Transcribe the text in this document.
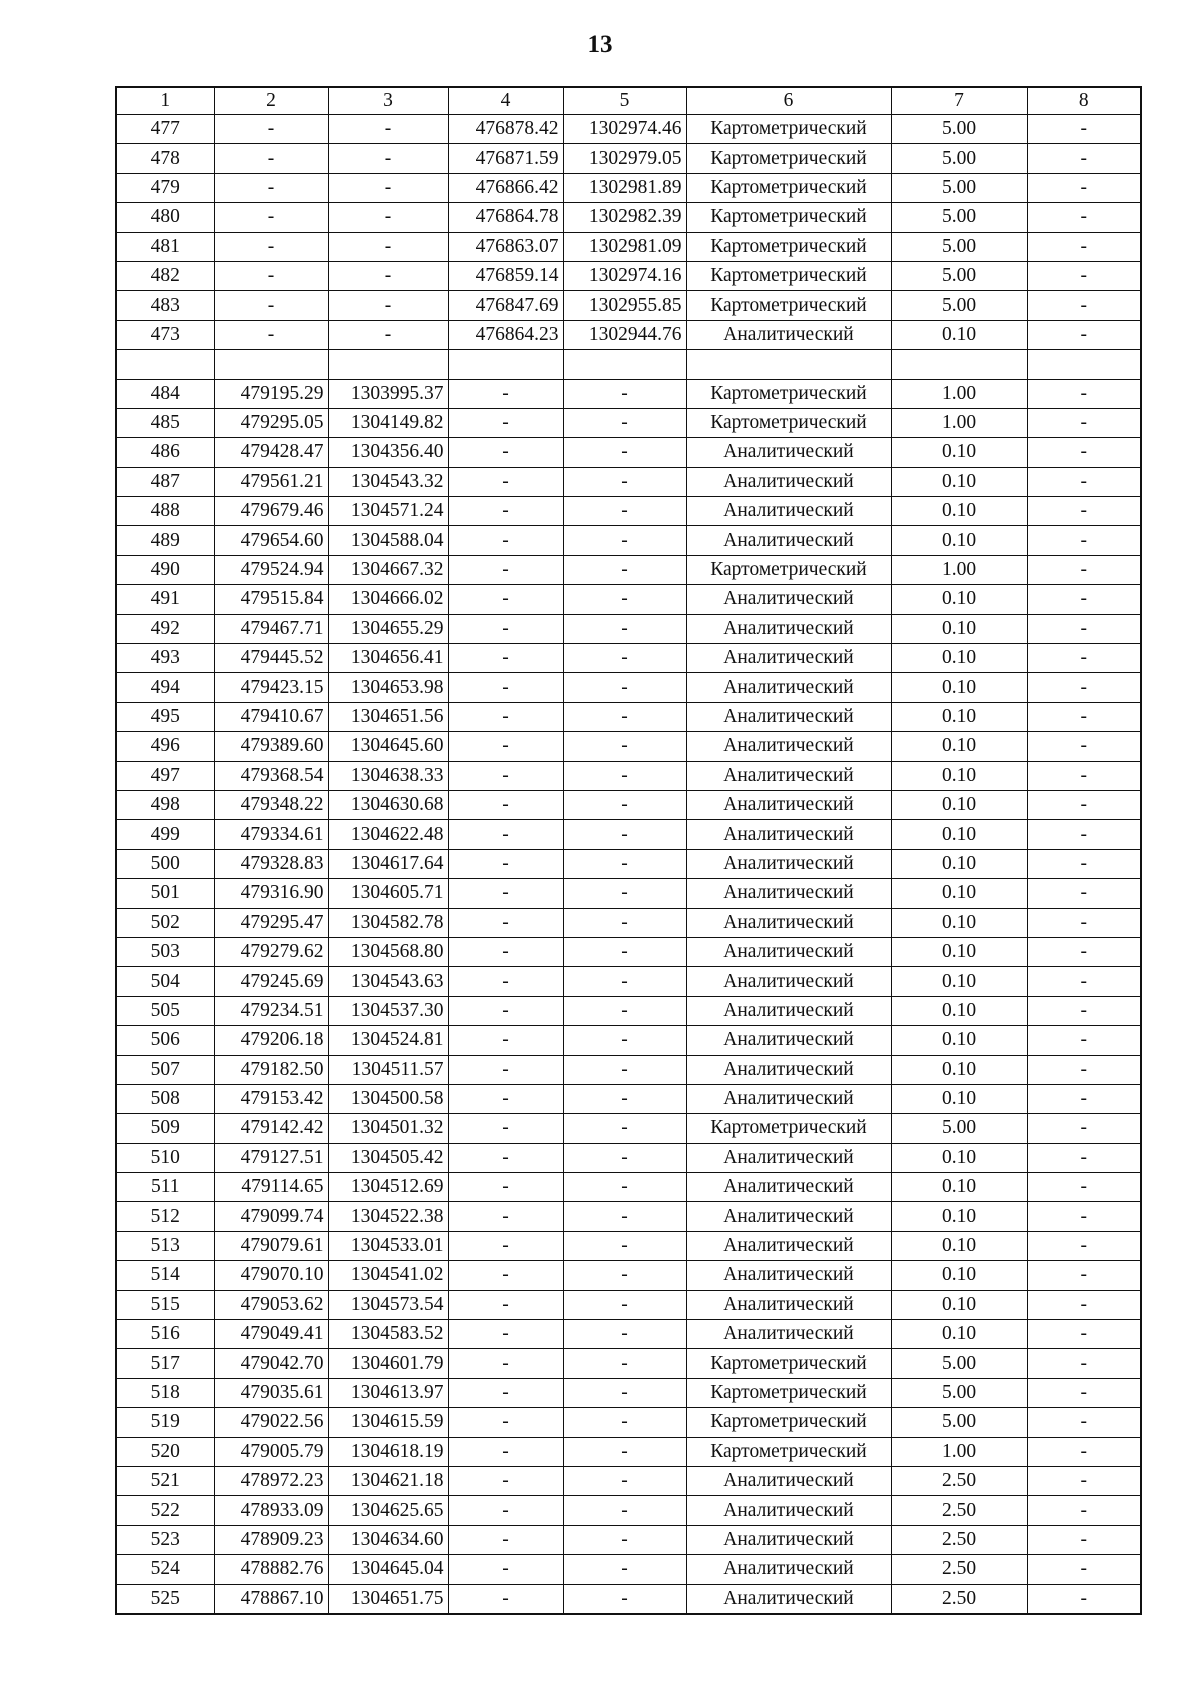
13
1	2	3	4	5	6	7	8
477	-	-	476878.42	1302974.46	Картометрический	5.00	-
478	-	-	476871.59	1302979.05	Картометрический	5.00	-
479	-	-	476866.42	1302981.89	Картометрический	5.00	-
480	-	-	476864.78	1302982.39	Картометрический	5.00	-
481	-	-	476863.07	1302981.09	Картометрический	5.00	-
482	-	-	476859.14	1302974.16	Картометрический	5.00	-
483	-	-	476847.69	1302955.85	Картометрический	5.00	-
473	-	-	476864.23	1302944.76	Аналитический	0.10	-

484	479195.29	1303995.37	-	-	Картометрический	1.00	-
485	479295.05	1304149.82	-	-	Картометрический	1.00	-
486	479428.47	1304356.40	-	-	Аналитический	0.10	-
487	479561.21	1304543.32	-	-	Аналитический	0.10	-
488	479679.46	1304571.24	-	-	Аналитический	0.10	-
489	479654.60	1304588.04	-	-	Аналитический	0.10	-
490	479524.94	1304667.32	-	-	Картометрический	1.00	-
491	479515.84	1304666.02	-	-	Аналитический	0.10	-
492	479467.71	1304655.29	-	-	Аналитический	0.10	-
493	479445.52	1304656.41	-	-	Аналитический	0.10	-
494	479423.15	1304653.98	-	-	Аналитический	0.10	-
495	479410.67	1304651.56	-	-	Аналитический	0.10	-
496	479389.60	1304645.60	-	-	Аналитический	0.10	-
497	479368.54	1304638.33	-	-	Аналитический	0.10	-
498	479348.22	1304630.68	-	-	Аналитический	0.10	-
499	479334.61	1304622.48	-	-	Аналитический	0.10	-
500	479328.83	1304617.64	-	-	Аналитический	0.10	-
501	479316.90	1304605.71	-	-	Аналитический	0.10	-
502	479295.47	1304582.78	-	-	Аналитический	0.10	-
503	479279.62	1304568.80	-	-	Аналитический	0.10	-
504	479245.69	1304543.63	-	-	Аналитический	0.10	-
505	479234.51	1304537.30	-	-	Аналитический	0.10	-
506	479206.18	1304524.81	-	-	Аналитический	0.10	-
507	479182.50	1304511.57	-	-	Аналитический	0.10	-
508	479153.42	1304500.58	-	-	Аналитический	0.10	-
509	479142.42	1304501.32	-	-	Картометрический	5.00	-
510	479127.51	1304505.42	-	-	Аналитический	0.10	-
511	479114.65	1304512.69	-	-	Аналитический	0.10	-
512	479099.74	1304522.38	-	-	Аналитический	0.10	-
513	479079.61	1304533.01	-	-	Аналитический	0.10	-
514	479070.10	1304541.02	-	-	Аналитический	0.10	-
515	479053.62	1304573.54	-	-	Аналитический	0.10	-
516	479049.41	1304583.52	-	-	Аналитический	0.10	-
517	479042.70	1304601.79	-	-	Картометрический	5.00	-
518	479035.61	1304613.97	-	-	Картометрический	5.00	-
519	479022.56	1304615.59	-	-	Картометрический	5.00	-
520	479005.79	1304618.19	-	-	Картометрический	1.00	-
521	478972.23	1304621.18	-	-	Аналитический	2.50	-
522	478933.09	1304625.65	-	-	Аналитический	2.50	-
523	478909.23	1304634.60	-	-	Аналитический	2.50	-
524	478882.76	1304645.04	-	-	Аналитический	2.50	-
525	478867.10	1304651.75	-	-	Аналитический	2.50	-
